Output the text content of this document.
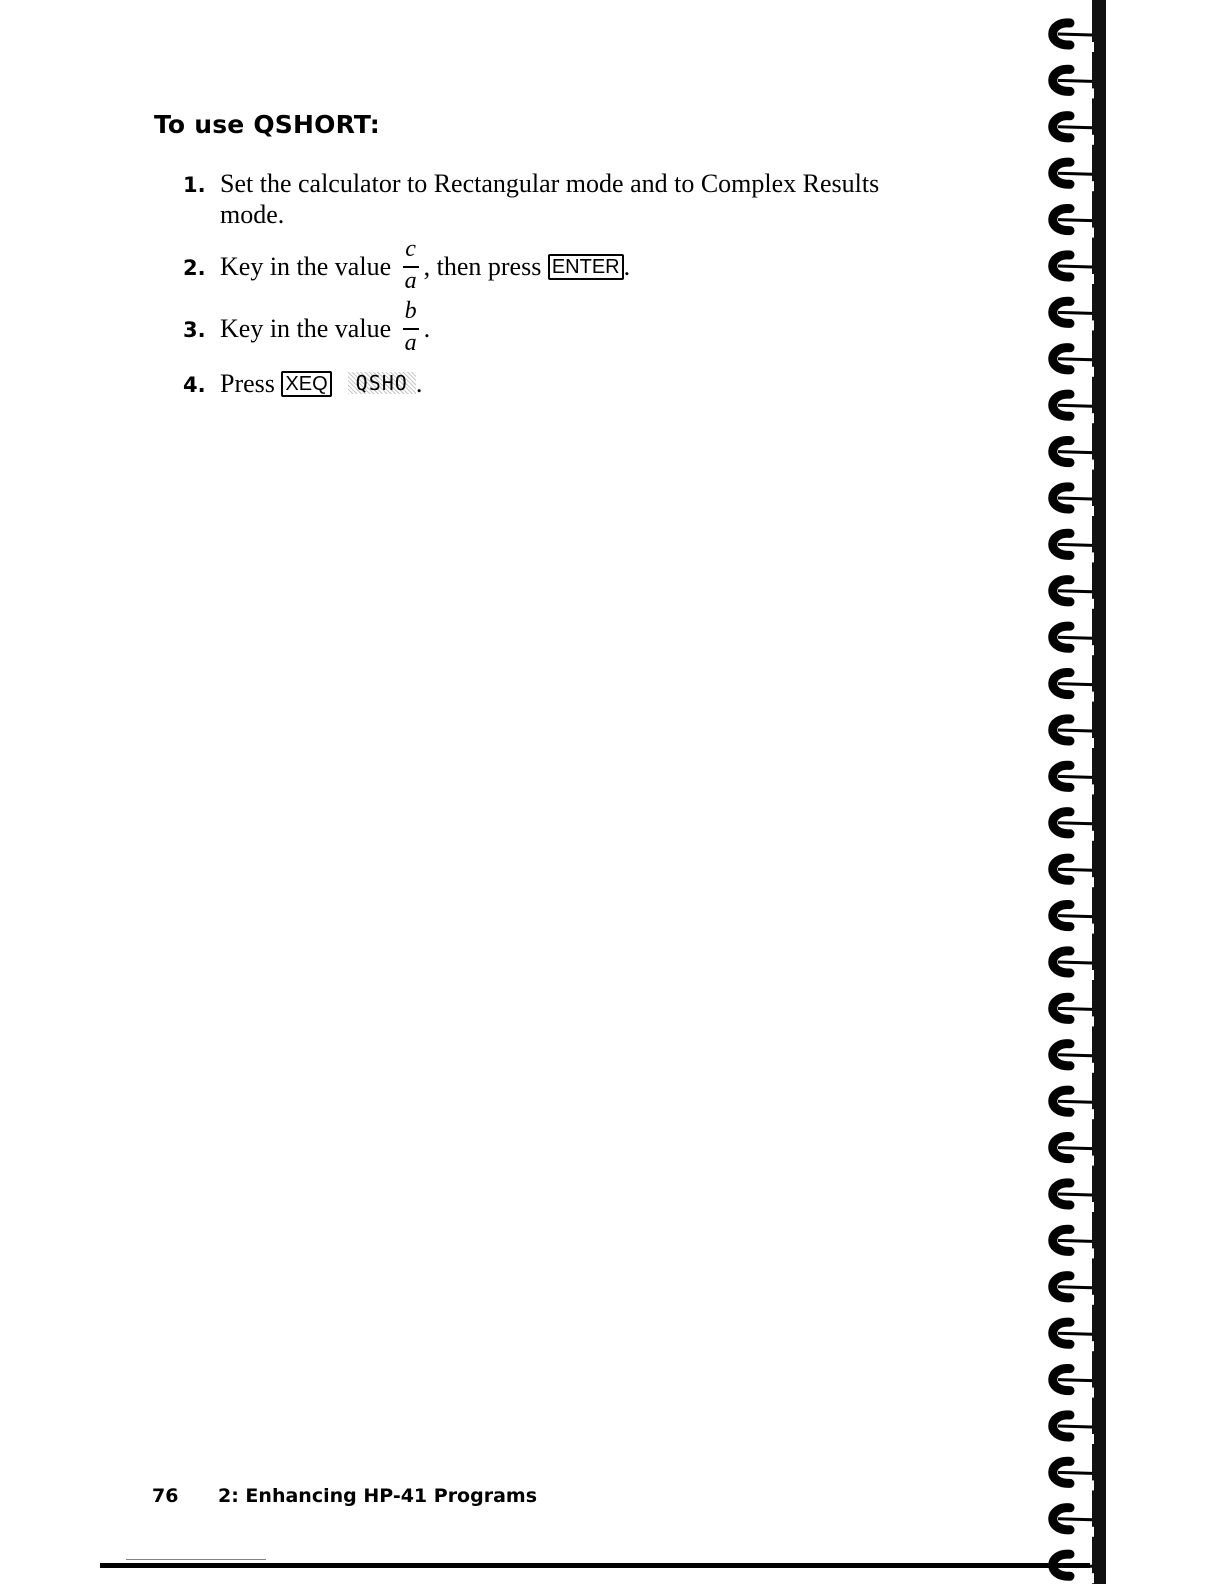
To use QSHORT:
1. Set the calculator to Rectangular mode and to Complex Results
mode.
2. Key in the value $\frac{c}{a}$ , then press ENTER .
3. Key in the value $\frac{b}{a}$ .
4. Press XEQ QSHO .
76 2: Enhancing HP-41 Programs
